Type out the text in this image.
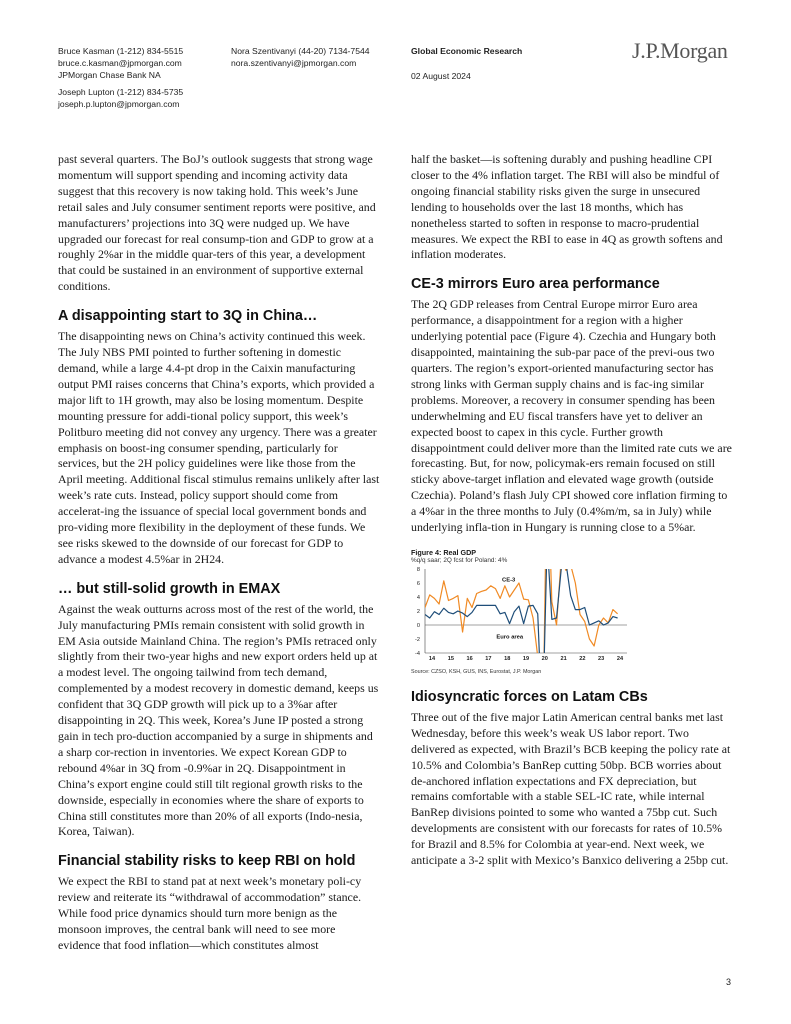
Bruce Kasman (1-212) 834-5515
bruce.c.kasman@jpmorgan.com
JPMorgan Chase Bank NA
Joseph Lupton (1-212) 834-5735
joseph.p.lupton@jpmorgan.com
Nora Szentivanyi (44-20) 7134-7544
nora.szentivanyi@jpmorgan.com
Global Economic Research
02 August 2024
J.P.Morgan

past several quarters. The BoJ’s outlook suggests that strong wage momentum will support spending and incoming activity data suggest that this recovery is now taking hold. This week’s June retail sales and July consumer sentiment reports were positive, and manufacturers’ projections into 3Q were nudged up. We have upgraded our forecast for real consump-tion and GDP to grow at a roughly 2%ar in the middle quar-ters of this year, a development that could be sustained in an environment of supportive external conditions.

A disappointing start to 3Q in China…

The disappointing news on China’s activity continued this week. The July NBS PMI pointed to further softening in domestic demand, while a large 4.4-pt drop in the Caixin manufacturing output PMI raises concerns that China’s exports, which provided a major lift to 1H growth, may also be losing momentum. Despite mounting pressure for addi-tional policy support, this week’s Politburo meeting did not convey any urgency. There was a greater emphasis on boost-ing consumer spending, particularly for services, but the 2H policy guidelines were like those from the April meeting. Additional fiscal stimulus remains unlikely after last week’s rate cuts. Instead, policy support should come from accelerat-ing the issuance of special local government bonds and pro-viding more flexibility in the deployment of these funds. We see risks skewed to the downside of our forecast for GDP to advance a modest 4.5%ar in 2H24.

… but still-solid growth in EMAX

Against the weak outturns across most of the rest of the world, the July manufacturing PMIs remain consistent with solid growth in EM Asia outside Mainland China. The region’s PMIs retraced only slightly from their two-year highs and new export orders held up at a modest level. The ongoing tailwind from tech demand, complemented by a modest recovery in domestic demand, keeps us confident that 3Q GDP growth will pick up to a 3%ar after disappointing in 2Q. This week, Korea’s June IP posted a strong gain in tech pro-duction accompanied by a surge in shipments and a sharp cor-rection in inventories. We expect Korean GDP to rebound 4%ar in 3Q from -0.9%ar in 2Q. Disappointment in China’s export engine could still tilt regional growth risks to the downside, especially in economies where the share of exports to China still constitutes more than 20% of all exports (Indo-nesia, Korea, Taiwan).

Financial stability risks to keep RBI on hold

We expect the RBI to stand pat at next week’s monetary poli-cy review and reiterate its “withdrawal of accommodation” stance. While food price dynamics should turn more benign as the monsoon improves, the central bank will need to see more evidence that food inflation—which constitutes almost

half the basket—is softening durably and pushing headline CPI closer to the 4% inflation target. The RBI will also be mindful of ongoing financial stability risks given the surge in unsecured lending to households over the last 18 months, which has nonetheless started to soften in response to macro-prudential measures. We expect the RBI to ease in 4Q as growth softens and inflation moderates.

CE-3 mirrors Euro area performance

The 2Q GDP releases from Central Europe mirror Euro area performance, a disappointment for a region with a higher underlying potential pace (Figure 4). Czechia and Hungary both disappointed, maintaining the sub-par pace of the previ-ous two quarters. The region’s export-oriented manufacturing sector has strong links with German supply chains and is fac-ing similar problems. Moreover, a recovery in consumer spending has been underwhelming and EU fiscal transfers have yet to deliver an expected boost to capex in this cycle. Further growth disappointment could deliver more than the limited rate cuts we are forecasting. But, for now, policymak-ers remain focused on still sticky above-target inflation and elevated wage growth (outside Czechia). Poland’s flash July CPI showed core inflation firming to a 4%ar in the three months to July (0.4%m/m, sa in July) while underlying infla-tion in Hungary is running close to a 5%ar.

Figure 4: Real GDP
%q/q saar; 2Q fcst for Poland: 4%
8
6
4
2
0
-2
-4
14 15 16 17 18 19 20 21 22 23 24
CE-3
Euro area
Source: CZSO, KSH, GUS, INS, Eurostat, J.P. Morgan
Idiosyncratic forces on Latam CBs

Three out of the five major Latin American central banks met last Wednesday, before this week’s weak US labor report. Two delivered as expected, with Brazil’s BCB keeping the policy rate at 10.5% and Colombia’s BanRep cutting 50bp. BCB worries about de-anchored inflation expectations and FX depreciation, but remains comfortable with a stable SEL-IC rate, while internal BanRep divisions pointed to some who wanted a 75bp cut. Such developments are consistent with our forecasts for rates of 10.5% for Brazil and 8.5% for Colombia at year-end. Next week, we anticipate a 3-2 split with Mexico’s Banxico delivering a 25bp cut.

3
